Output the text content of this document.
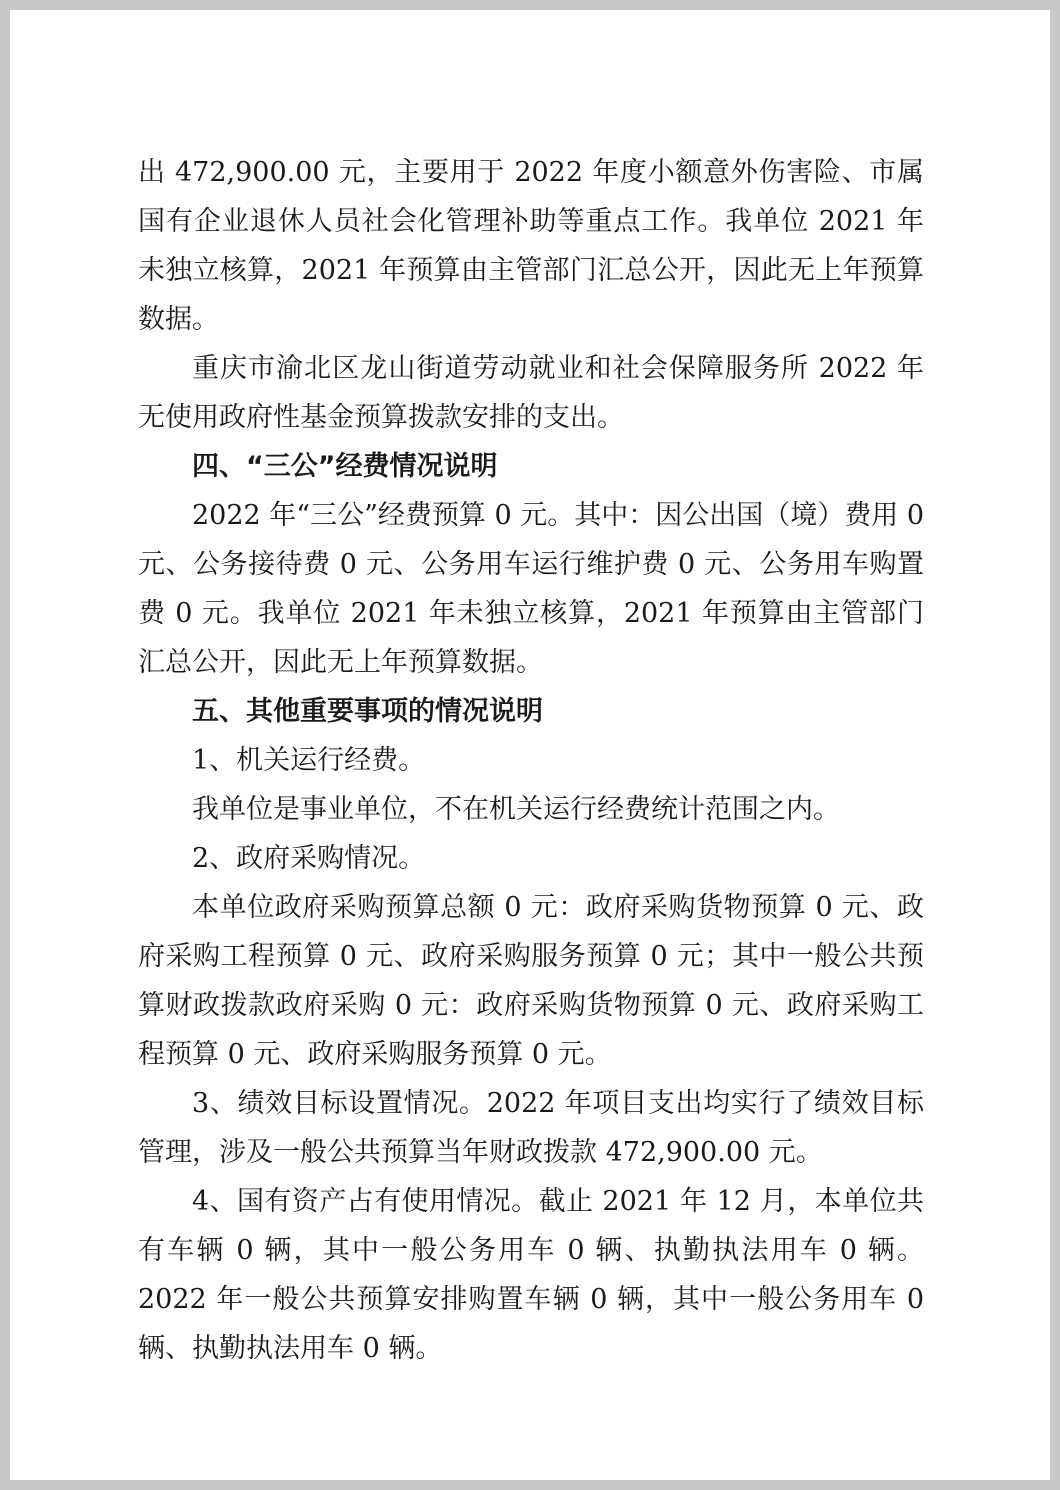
出 472,900.00 元，主要用于 2022 年度小额意外伤害险、市属国有企业退休人员社会化管理补助等重点工作。我单位 2021 年未独立核算，2021 年预算由主管部门汇总公开，因此无上年预算数据。

重庆市渝北区龙山街道劳动就业和社会保障服务所 2022 年无使用政府性基金预算拨款安排的支出。

四、“三公”经费情况说明

2022 年“三公”经费预算 0 元。其中：因公出国（境）费用 0 元、公务接待费 0 元、公务用车运行维护费 0 元、公务用车购置费 0 元。我单位 2021 年未独立核算，2021 年预算由主管部门汇总公开，因此无上年预算数据。

五、其他重要事项的情况说明

1、机关运行经费。

我单位是事业单位，不在机关运行经费统计范围之内。

2、政府采购情况。

本单位政府采购预算总额 0 元：政府采购货物预算 0 元、政府采购工程预算 0 元、政府采购服务预算 0 元；其中一般公共预算财政拨款政府采购 0 元：政府采购货物预算 0 元、政府采购工程预算 0 元、政府采购服务预算 0 元。

3、绩效目标设置情况。2022 年项目支出均实行了绩效目标管理，涉及一般公共预算当年财政拨款 472,900.00 元。

4、国有资产占有使用情况。截止 2021 年 12 月，本单位共有车辆 0 辆，其中一般公务用车 0 辆、执勤执法用车 0 辆。2022 年一般公共预算安排购置车辆 0 辆，其中一般公务用车 0 辆、执勤执法用车 0 辆。
